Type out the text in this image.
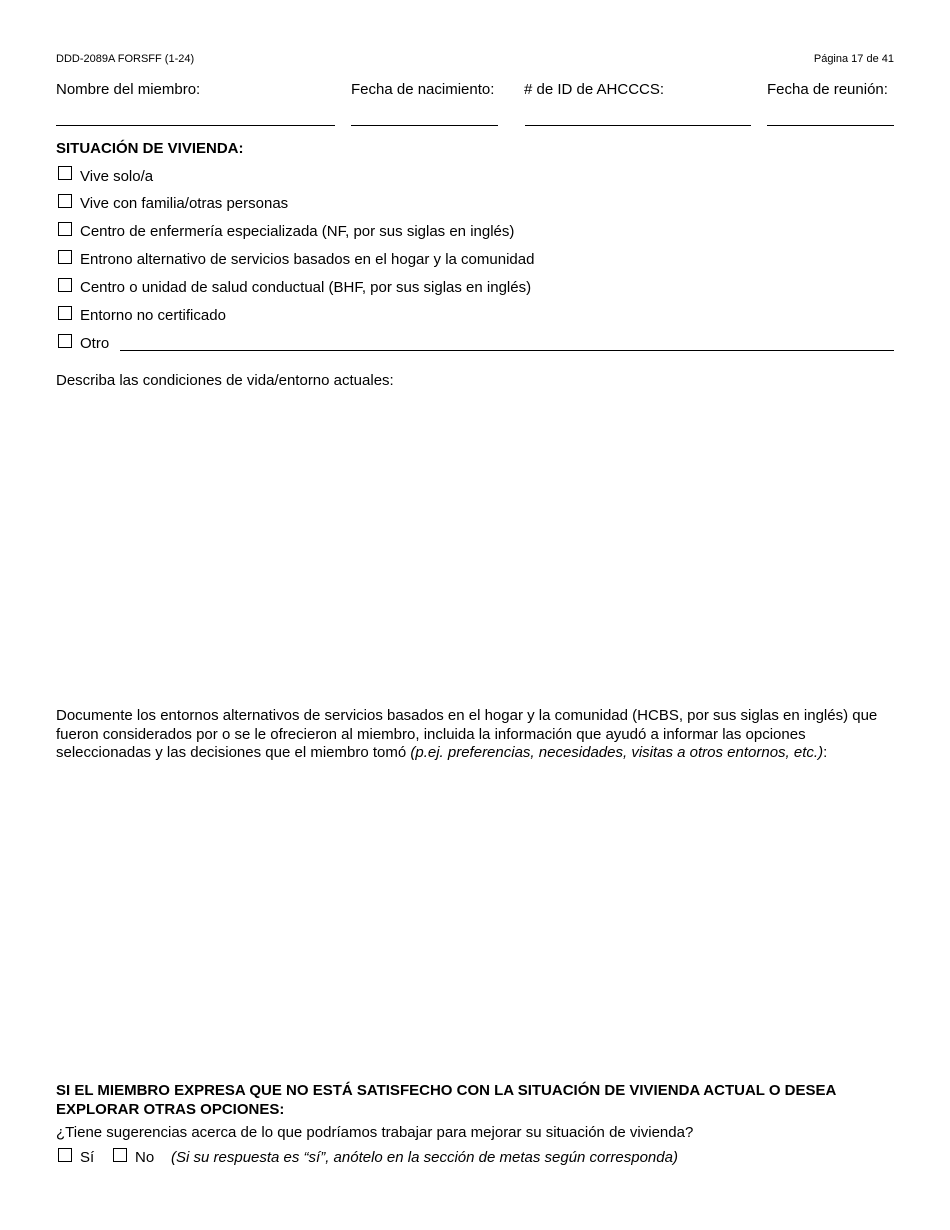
DDD-2089A FORSFF (1-24)	Página 17 de 41
Nombre del miembro:	Fecha de nacimiento: # de ID de AHCCCS:	Fecha de reunión:
SITUACIÓN DE VIVIENDA:
Vive solo/a
Vive con familia/otras personas
Centro de enfermería especializada (NF, por sus siglas en inglés)
Entrono alternativo de servicios basados en el hogar y la comunidad
Centro o unidad de salud conductual (BHF, por sus siglas en inglés)
Entorno no certificado
Otro
Describa las condiciones de vida/entorno actuales:
Documente los entornos alternativos de servicios basados en el hogar y la comunidad (HCBS, por sus siglas en inglés) que fueron considerados por o se le ofrecieron al miembro, incluida la información que ayudó a informar las opciones seleccionadas y las decisiones que el miembro tomó (p.ej. preferencias, necesidades, visitas a otros entornos, etc.):
SI EL MIEMBRO EXPRESA QUE NO ESTÁ SATISFECHO CON LA SITUACIÓN DE VIVIENDA ACTUAL O DESEA EXPLORAR OTRAS OPCIONES:
¿Tiene sugerencias acerca de lo que podríamos trabajar para mejorar su situación de vivienda?
Sí	No (Si su respuesta es “sí”, anótelo en la sección de metas según corresponda)
